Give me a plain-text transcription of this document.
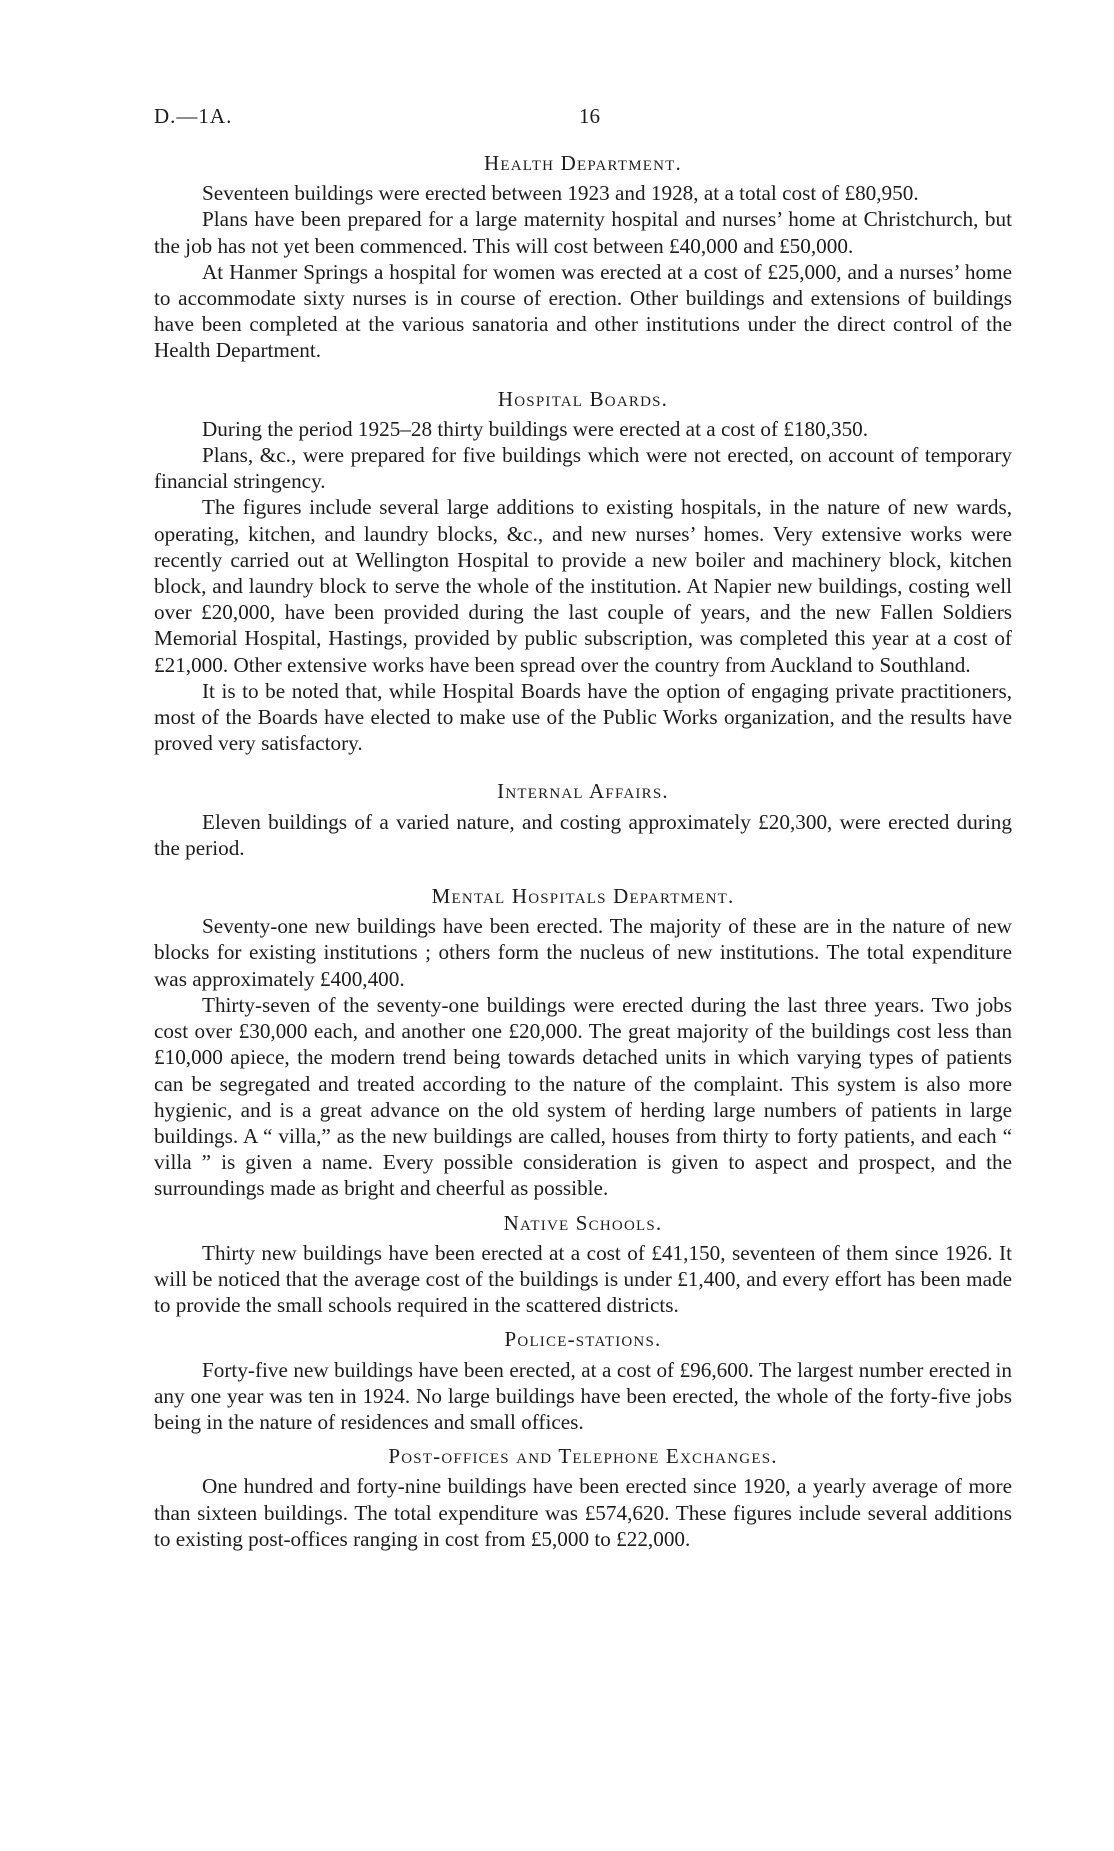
D.—1A.	16
Health Department.

Seventeen buildings were erected between 1923 and 1928, at a total cost of £80,950.

Plans have been prepared for a large maternity hospital and nurses’ home at Christchurch, but the job has not yet been commenced. This will cost between £40,000 and £50,000.

At Hanmer Springs a hospital for women was erected at a cost of £25,000, and a nurses’ home to accommodate sixty nurses is in course of erection. Other buildings and extensions of buildings have been completed at the various sanatoria and other institutions under the direct control of the Health Department.

Hospital Boards.

During the period 1925–28 thirty buildings were erected at a cost of £180,350.

Plans, &c., were prepared for five buildings which were not erected, on account of temporary financial stringency.

The figures include several large additions to existing hospitals, in the nature of new wards, operating, kitchen, and laundry blocks, &c., and new nurses’ homes. Very extensive works were recently carried out at Wellington Hospital to provide a new boiler and machinery block, kitchen block, and laundry block to serve the whole of the institution. At Napier new buildings, costing well over £20,000, have been provided during the last couple of years, and the new Fallen Soldiers Memorial Hospital, Hastings, provided by public subscription, was completed this year at a cost of £21,000. Other extensive works have been spread over the country from Auckland to Southland.

It is to be noted that, while Hospital Boards have the option of engaging private practitioners, most of the Boards have elected to make use of the Public Works organization, and the results have proved very satisfactory.

Internal Affairs.

Eleven buildings of a varied nature, and costing approximately £20,300, were erected during the period.

Mental Hospitals Department.

Seventy-one new buildings have been erected. The majority of these are in the nature of new blocks for existing institutions ; others form the nucleus of new institutions. The total expenditure was approximately £400,400.

Thirty-seven of the seventy-one buildings were erected during the last three years. Two jobs cost over £30,000 each, and another one £20,000. The great majority of the buildings cost less than £10,000 apiece, the modern trend being towards detached units in which varying types of patients can be segregated and treated according to the nature of the complaint. This system is also more hygienic, and is a great advance on the old system of herding large numbers of patients in large buildings. A “ villa,” as the new buildings are called, houses from thirty to forty patients, and each “ villa ” is given a name. Every possible consideration is given to aspect and prospect, and the surroundings made as bright and cheerful as possible.

Native Schools.

Thirty new buildings have been erected at a cost of £41,150, seventeen of them since 1926. It will be noticed that the average cost of the buildings is under £1,400, and every effort has been made to provide the small schools required in the scattered districts.

Police-stations.

Forty-five new buildings have been erected, at a cost of £96,600. The largest number erected in any one year was ten in 1924. No large buildings have been erected, the whole of the forty-five jobs being in the nature of residences and small offices.

Post-offices and Telephone Exchanges.

One hundred and forty-nine buildings have been erected since 1920, a yearly average of more than sixteen buildings. The total expenditure was £574,620. These figures include several additions to existing post-offices ranging in cost from £5,000 to £22,000.
